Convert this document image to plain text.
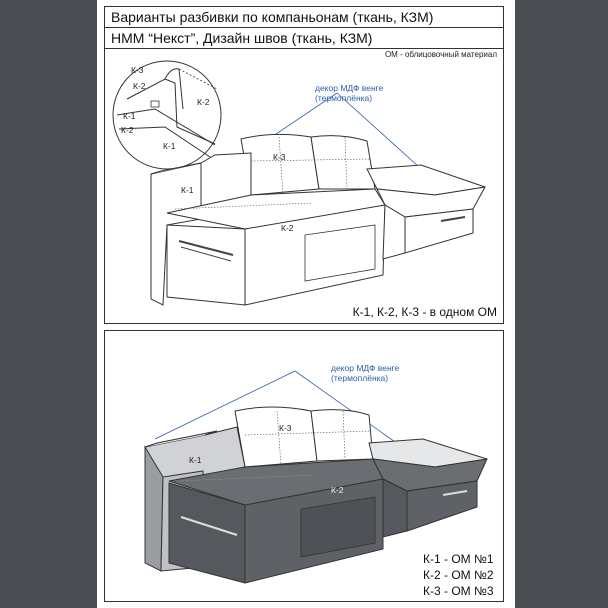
Варианты разбивки по компаньонам (ткань, КЗМ)
НММ “Некст”, Дизайн швов (ткань, КЗМ)
ОМ - облицовочный материал
декор МДФ венге
(термоплёнка)
К-3
К-2
К-2
К-1
К-2
К-1
К-3
К-1
К-2
К-1, К-2, К-3 - в одном ОМ
декор МДФ венге
(термоплёнка)
К-3
К-1
К-2
К-1 - ОМ №1
К-2 - ОМ №2
К-3 - ОМ №3
